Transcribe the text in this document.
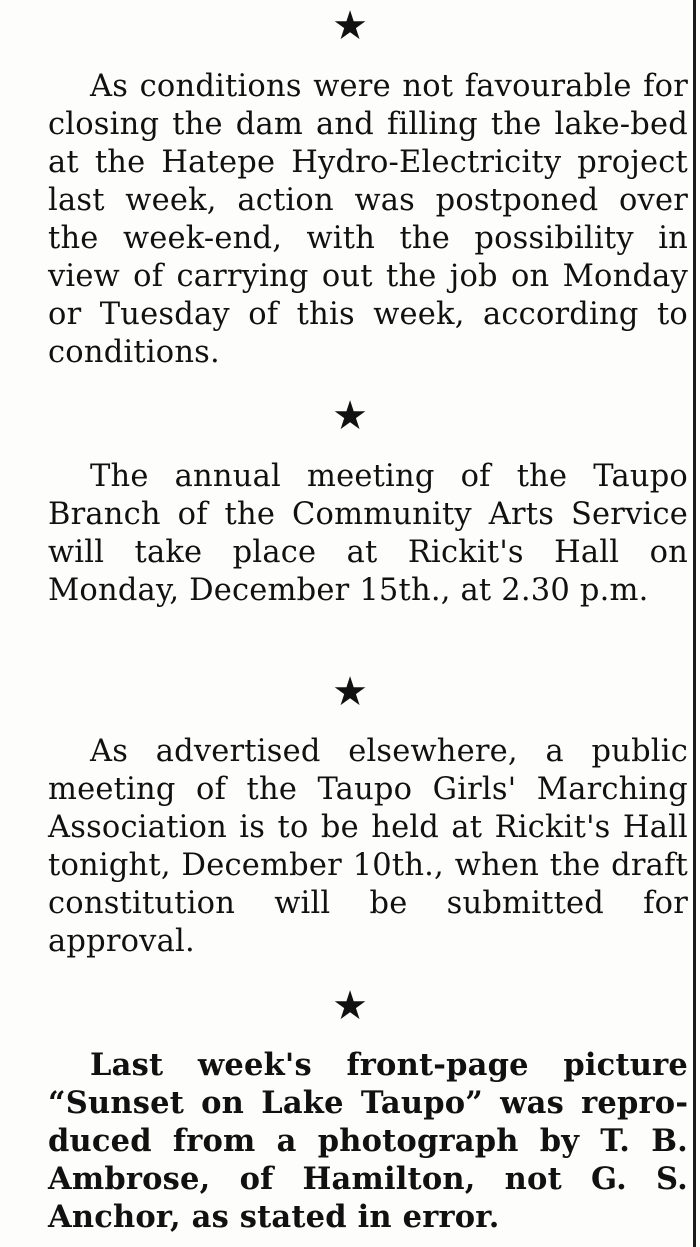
★

As conditions were not favourable for closing the dam and filling the lake-bed at the Hatepe Hydro-Electricity project last week, action was postponed over the week-end, with the possibility in view of carrying out the job on Monday or Tuesday of this week, according to conditions.

★

The annual meeting of the Taupo Branch of the Community Arts Service will take place at Rickit's Hall on Monday, December 15th., at 2.30 p.m.

★

As advertised elsewhere, a public meeting of the Taupo Girls' Marching Association is to be held at Rickit's Hall tonight, December 10th., when the draft constitution will be submitted for approval.

★

Last week's front-page picture “Sunset on Lake Taupo” was reproduced from a photograph by T. B. Ambrose, of Hamilton, not G. S. Anchor, as stated in error.
